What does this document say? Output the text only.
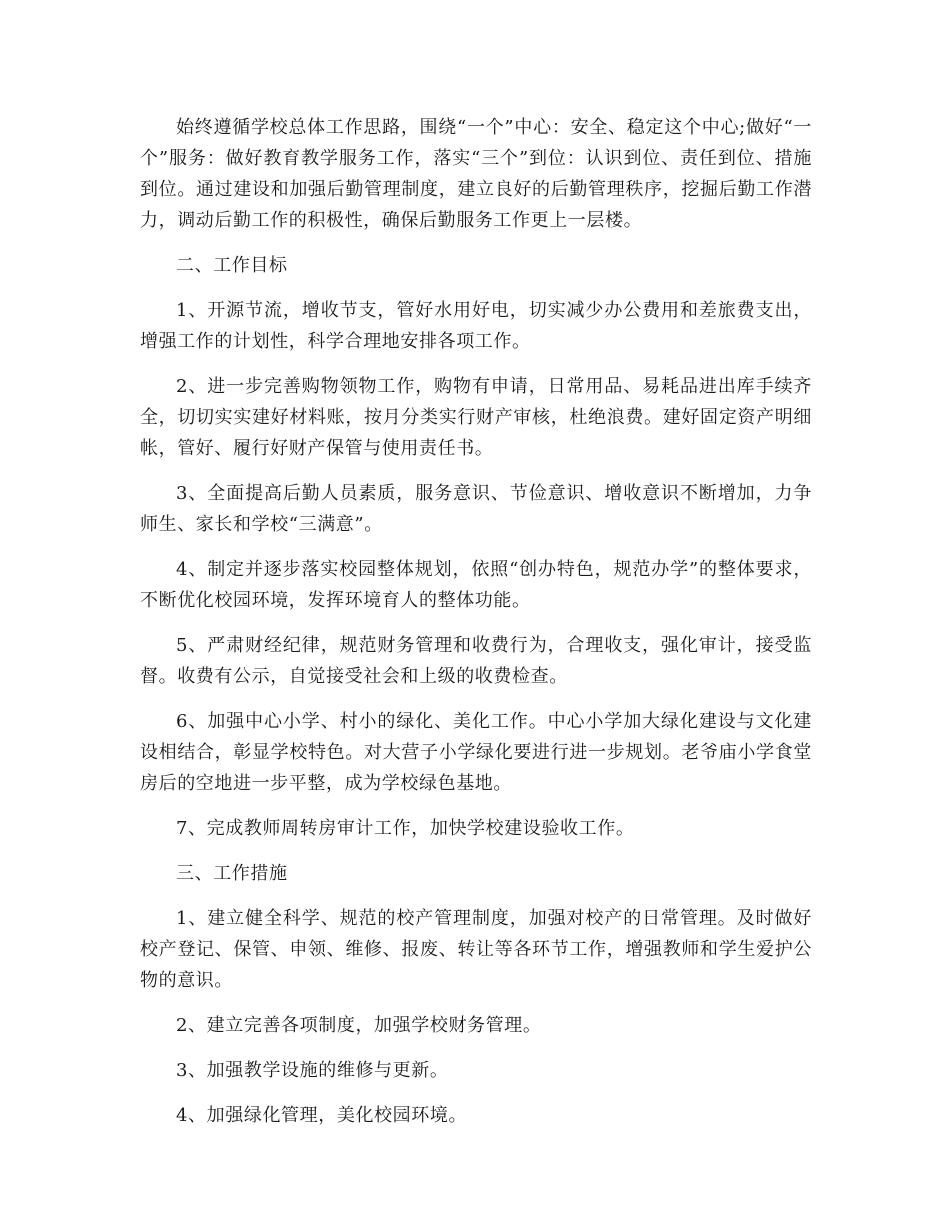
始终遵循学校总体工作思路，围绕“一个”中心：安全、稳定这个中心;做好“一个”服务：做好教育教学服务工作，落实“三个”到位：认识到位、责任到位、措施到位。通过建设和加强后勤管理制度，建立良好的后勤管理秩序，挖掘后勤工作潜力，调动后勤工作的积极性，确保后勤服务工作更上一层楼。

二、工作目标

1、开源节流，增收节支，管好水用好电，切实减少办公费用和差旅费支出，增强工作的计划性，科学合理地安排各项工作。

2、进一步完善购物领物工作，购物有申请，日常用品、易耗品进出库手续齐全，切切实实建好材料账，按月分类实行财产审核，杜绝浪费。建好固定资产明细帐，管好、履行好财产保管与使用责任书。

3、全面提高后勤人员素质，服务意识、节俭意识、增收意识不断增加，力争师生、家长和学校“三满意”。

4、制定并逐步落实校园整体规划，依照“创办特色，规范办学”的整体要求，不断优化校园环境，发挥环境育人的整体功能。

5、严肃财经纪律，规范财务管理和收费行为，合理收支，强化审计，接受监督。收费有公示，自觉接受社会和上级的收费检查。

6、加强中心小学、村小的绿化、美化工作。中心小学加大绿化建设与文化建设相结合，彰显学校特色。对大营子小学绿化要进行进一步规划。老爷庙小学食堂房后的空地进一步平整，成为学校绿色基地。

7、完成教师周转房审计工作，加快学校建设验收工作。

三、工作措施

1、建立健全科学、规范的校产管理制度，加强对校产的日常管理。及时做好校产登记、保管、申领、维修、报废、转让等各环节工作，增强教师和学生爱护公物的意识。

2、建立完善各项制度，加强学校财务管理。

3、加强教学设施的维修与更新。

4、加强绿化管理，美化校园环境。
